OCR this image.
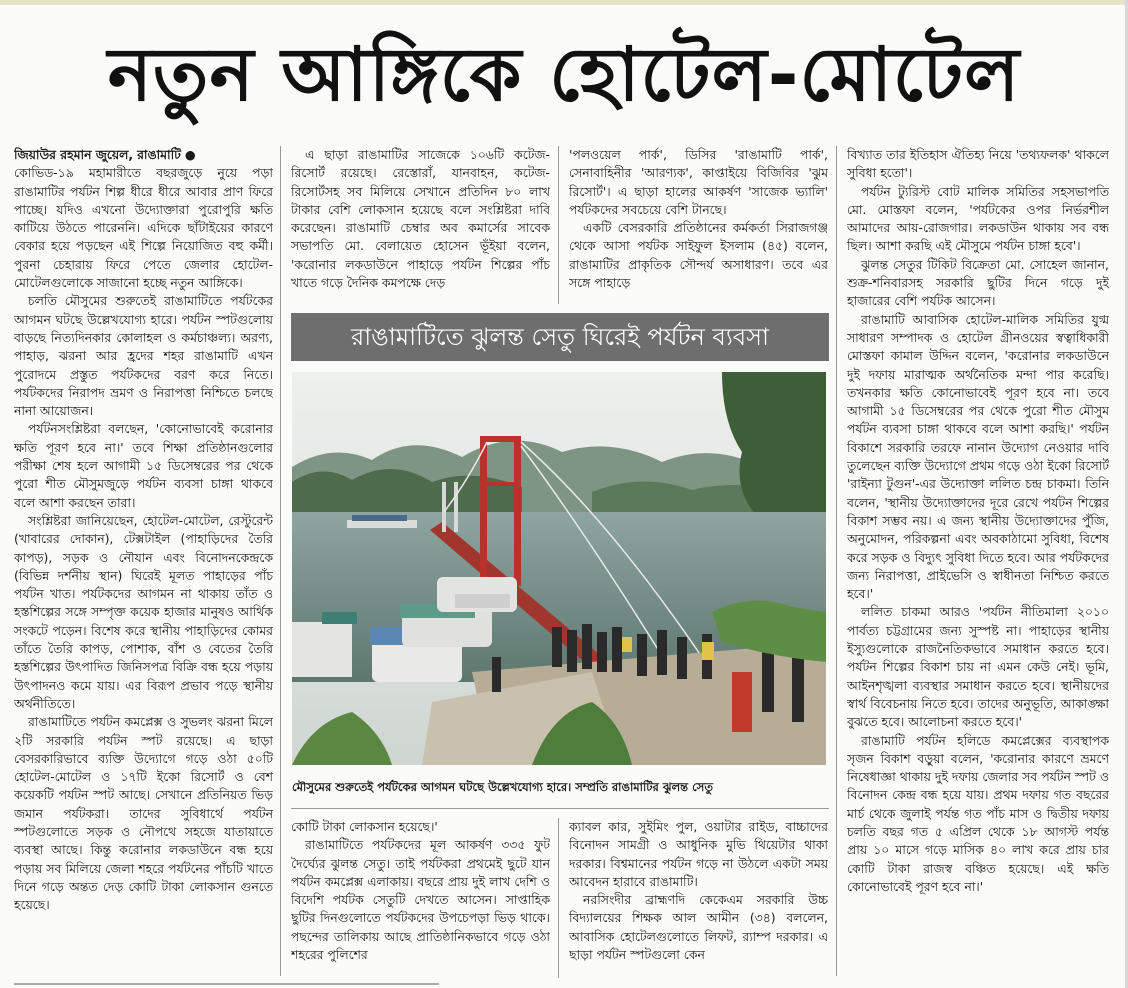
নতুন আঙ্গিকে হোটেল-মোটেল

জিয়াউর রহমান জুয়েল, রাঙামাটি ●

কোভিড-১৯ মহামারীতে বছরজুড়ে নুয়ে পড়া রাঙামাটির পর্যটন শিল্প ধীরে ধীরে আবার প্রাণ ফিরে পাচ্ছে। যদিও এখনো উদ্যোক্তারা পুরোপুরি ক্ষতি কাটিয়ে উঠতে পারেননি। এদিকে ছাঁটাইয়ের কারণে বেকার হয়ে পড়ছেন এই শিল্পে নিয়োজিত বহু কর্মী। পুরনা চেহারায় ফিরে পেতে জেলার হোটেল-মোটেলগুলোকে সাজানো হচ্ছে নতুন আঙ্গিকে।

চলতি মৌসুমের শুরুতেই রাঙামাটিতে পর্যটকের আগমন ঘটছে উল্লেখযোগ্য হারে। পর্যটন স্পটগুলোয় বাড়ছে নিত্যদিনকার কোলাহল ও কর্মচাঞ্চল্য। অরণ্য, পাহাড়, ঝরনা আর হ্রদের শহর রাঙামাটি এখন পুরোদমে প্রস্তুত পর্যটকদের বরণ করে নিতে। পর্যটকদের নিরাপদ ভ্রমণ ও নিরাপত্তা নিশ্চিতে চলছে নানা আয়োজন।

পর্যটনসংশ্লিষ্টরা বলছেন, 'কোনোভাবেই করোনার ক্ষতি পূরণ হবে না।' তবে শিক্ষা প্রতিষ্ঠানগুলোর পরীক্ষা শেষ হলে আগামী ১৫ ডিসেম্বরের পর থেকে পুরো শীত মৌসুমজুড়ে পর্যটন ব্যবসা চাঙ্গা থাকবে বলে আশা করছেন তারা।

সংশ্লিষ্টরা জানিয়েছেন, হোটেল-মোটেল, রেস্টুরেন্ট (খাবারের দোকান), টেক্সটাইল (পাহাড়িদের তৈরি কাপড়), সড়ক ও নৌযান এবং বিনোদনকেন্দ্রকে (বিভিন্ন দর্শনীয় স্থান) ঘিরেই মূলত পাহাড়ের পাঁচ পর্যটন খাত। পর্যটকদের আগমন না থাকায় তাঁত ও হস্তশিল্পের সঙ্গে সম্পৃক্ত কয়েক হাজার মানুষও আর্থিক সংকটে পড়েন। বিশেষ করে স্থানীয় পাহাড়িদের কোমর তাঁতে তৈরি কাপড়, পোশাক, বাঁশ ও বেতের তৈরি হস্তশিল্পের উৎপাদিত জিনিসপত্র বিক্রি বন্ধ হয়ে পড়ায় উৎপাদনও কমে যায়। এর বিরূপ প্রভাব পড়ে স্থানীয় অর্থনীতিতে।

রাঙামাটিতে পর্যটন কমপ্লেক্স ও সুভলং ঝরনা মিলে ২টি সরকারি পর্যটন স্পট রয়েছে। এ ছাড়া বেসরকারিভাবে ব্যক্তি উদ্যোগে গড়ে ওঠা ৫০টি হোটেল-মোটেল ও ১৭টি ইকো রিসোর্ট ও বেশ কয়েকটি পর্যটন স্পট আছে। সেখানে প্রতিনিয়ত ভিড় জমান পর্যটকরা। তাদের সুবিধার্থে পর্যটন স্পটগুলোতে সড়ক ও নৌপথে সহজে যাতায়াতে ব্যবস্থা আছে। কিন্তু করোনার লকডাউনে বন্ধ হয়ে পড়ায় সব মিলিয়ে জেলা শহরে পর্যটনের পাঁচটি খাতে দিনে গড়ে অন্তত দেড় কোটি টাকা লোকসান গুনতে হয়েছে।

এ ছাড়া রাঙামাটির সাজেকে ১০৬টি কটেজ-রিসোর্ট রয়েছে। রেস্তোরাঁ, যানবাহন, কটেজ-রিসোর্টসহ সব মিলিয়ে সেখানে প্রতিদিন ৮০ লাখ টাকার বেশি লোকসান হয়েছে বলে সংশ্লিষ্টরা দাবি করেছেন। রাঙামাটি চেম্বার অব কমার্সের সাবেক সভাপতি মো. বেলায়েত হোসেন ভূঁইয়া বলেন, 'করোনার লকডাউনে পাহাড়ে পর্যটন শিল্পের পাঁচ খাতে গড়ে দৈনিক কমপক্ষে দেড়

'পলওয়েল পার্ক', ডিসির 'রাঙামাটি পার্ক', সেনাবাহিনীর 'আরণ্যক', কাপ্তাইয়ে বিজিবির 'ঝুম রিসোর্ট'। এ ছাড়া হালের আকর্ষণ 'সাজেক ভ্যালি' পর্যটকদের সবচেয়ে বেশি টানছে।

একটি বেসরকারি প্রতিষ্ঠানের কর্মকর্তা সিরাজগঞ্জ থেকে আসা পর্যটক সাইফুল ইসলাম (৪৫) বলেন, রাঙামাটির প্রাকৃতিক সৌন্দর্য অসাধারণ। তবে এর সঙ্গে পাহাড়ে

রাঙামাটিতে ঝুলন্ত সেতু ঘিরেই পর্যটন ব্যবসা
মৌসুমের শুরুতেই পর্যটকের আগমন ঘটছে উল্লেখযোগ্য হারে। সম্প্রতি রাঙামাটির ঝুলন্ত সেতু

কোটি টাকা লোকসান হয়েছে।'

রাঙামাটিতে পর্যটকদের মূল আকর্ষণ ৩৩৫ ফুট দৈর্ঘ্যের ঝুলন্ত সেতু। তাই পর্যটকরা প্রথমেই ছুটে যান পর্যটন কমপ্লেক্স এলাকায়। বছরে প্রায় দুই লাখ দেশি ও বিদেশি পর্যটক সেতুটি দেখতে আসেন। সাপ্তাহিক ছুটির দিনগুলোতে পর্যটকদের উপচেপড়া ভিড় থাকে। পছন্দের তালিকায় আছে প্রাতিষ্ঠানিকভাবে গড়ে ওঠা শহরের পুলিশের

ক্যাবল কার, সুইমিং পুল, ওয়াটার রাইড, বাচ্চাদের বিনোদন সামগ্রী ও আধুনিক মুভি থিয়েটার থাকা দরকার। বিশ্বমানের পর্যটন গড়ে না উঠলে একটা সময় আবেদন হারাবে রাঙামাটি।

নরসিংদীর ব্রাহ্মণদি কেকেএম সরকারি উচ্চ বিদ্যালয়ের শিক্ষক আল আমীন (৩৪) বললেন, আবাসিক হোটেলগুলোতে লিফট, র‍্যাম্প দরকার। এ ছাড়া পর্যটন স্পটগুলো কেন

বিখ্যাত তার ইতিহাস ঐতিহ্য নিয়ে 'তথ্যফলক' থাকলে সুবিধা হতো'।

পর্যটন ট্যুরিস্ট বোট মালিক সমিতির সহসভাপতি মো. মোস্তফা বলেন, 'পর্যটকের ওপর নির্ভরশীল আমাদের আয়-রোজগার। লকডাউন থাকায় সব বন্ধ ছিল। আশা করছি এই মৌসুমে পর্যটন চাঙ্গা হবে'।

ঝুলন্ত সেতুর টিকিট বিক্রেতা মো. সোহেল জানান, শুক্র-শনিবারসহ সরকারি ছুটির দিনে গড়ে দুই হাজারের বেশি পর্যটক আসেন।

রাঙামাটি আবাসিক হোটেল-মালিক সমিতির যুগ্ম সাধারণ সম্পাদক ও হোটেল গ্রীনওয়ের স্বত্বাধিকারী মোস্তফা কামাল উদ্দিন বলেন, 'করোনার লকডাউনে দুই দফায় মারাত্মক অর্থনৈতিক মন্দা পার করেছি। তখনকার ক্ষতি কোনোভাবেই পূরণ হবে না। তবে আগামী ১৫ ডিসেম্বরের পর থেকে পুরো শীত মৌসুম পর্যটন ব্যবসা চাঙ্গা থাকবে বলে আশা করছি।' পর্যটন বিকাশে সরকারি তরফে নানান উদ্যোগ নেওয়ার দাবি তুলেছেন ব্যক্তি উদ্যোগে প্রথম গড়ে ওঠা ইকো রিসোর্ট 'রাইন্যা টুগুন'-এর উদ্যোক্তা ললিত চন্দ্র চাকমা। তিনি বলেন, 'স্থানীয় উদ্যোক্তাদের দূরে রেখে পর্যটন শিল্পের বিকাশ সম্ভব নয়। এ জন্য স্থানীয় উদ্যোক্তাদের পুঁজি, অনুমোদন, পরিকল্পনা এবং অবকাঠামো সুবিধা, বিশেষ করে সড়ক ও বিদ্যুৎ সুবিধা দিতে হবে। আর পর্যটকদের জন্য নিরাপত্তা, প্রাইভেসি ও স্বাধীনতা নিশ্চিত করতে হবে।'

ললিত চাকমা আরও 'পর্যটন নীতিমালা ২০১০ পার্বত্য চট্টগ্রামের জন্য সুস্পষ্ট না। পাহাড়ের স্থানীয় ইস্যুগুলোকে রাজনৈতিকভাবে সমাধান করতে হবে। পর্যটন শিল্পের বিকাশ চায় না এমন কেউ নেই। ভূমি, আইনশৃঙ্খলা ব্যবস্থার সমাধান করতে হবে। স্থানীয়দের স্বার্থ বিবেচনায় নিতে হবে। তাদের অনুভূতি, আকাঙ্ক্ষা বুঝতে হবে। আলোচনা করতে হবে।'

রাঙামাটি পর্যটন হলিডে কমপ্লেক্সের ব্যবস্থাপক সৃজন বিকাশ বড়ুয়া বলেন, 'করোনার কারণে ভ্রমণে নিষেধাজ্ঞা থাকায় দুই দফায় জেলার সব পর্যটন স্পট ও বিনোদন কেন্দ্র বন্ধ হয়ে যায়। প্রথম দফায় গত বছরের মার্চ থেকে জুলাই পর্যন্ত গত পাঁচ মাস ও দ্বিতীয় দফায় চলতি বছর গত ৫ এপ্রিল থেকে ১৮ আগস্ট পর্যন্ত প্রায় ১০ মাসে গড়ে মাসিক ৪০ লাখ করে প্রায় চার কোটি টাকা রাজস্ব বঞ্চিত হয়েছে। এই ক্ষতি কোনোভাবেই পূরণ হবে না।'
